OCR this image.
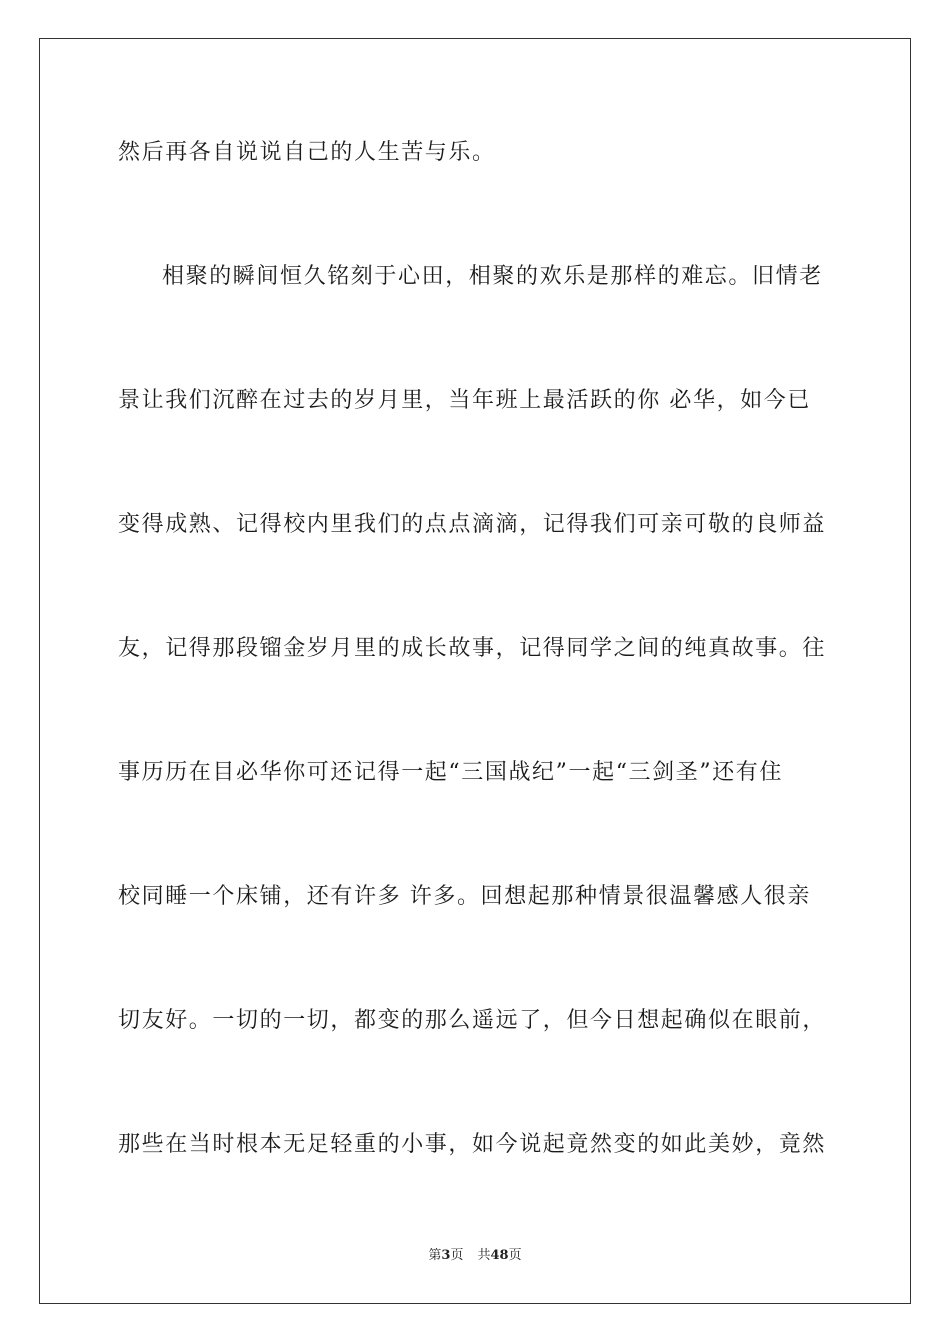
然后再各自说说自己的人生苦与乐。
相聚的瞬间恒久铭刻于心田，相聚的欢乐是那样的难忘。旧情老
景让我们沉醉在过去的岁月里，当年班上最活跃的你 必华，如今已
变得成熟、记得校内里我们的点点滴滴，记得我们可亲可敬的良师益
友，记得那段镏金岁月里的成长故事，记得同学之间的纯真故事。往
事历历在目必华你可还记得一起“三国战纪”一起“三剑圣”还有住
校同睡一个床铺，还有许多 许多。回想起那种情景很温馨感人很亲
切友好。一切的一切，都变的那么遥远了，但今日想起确似在眼前，
那些在当时根本无足轻重的小事，如今说起竟然变的如此美妙，竟然
第3页 共48页
